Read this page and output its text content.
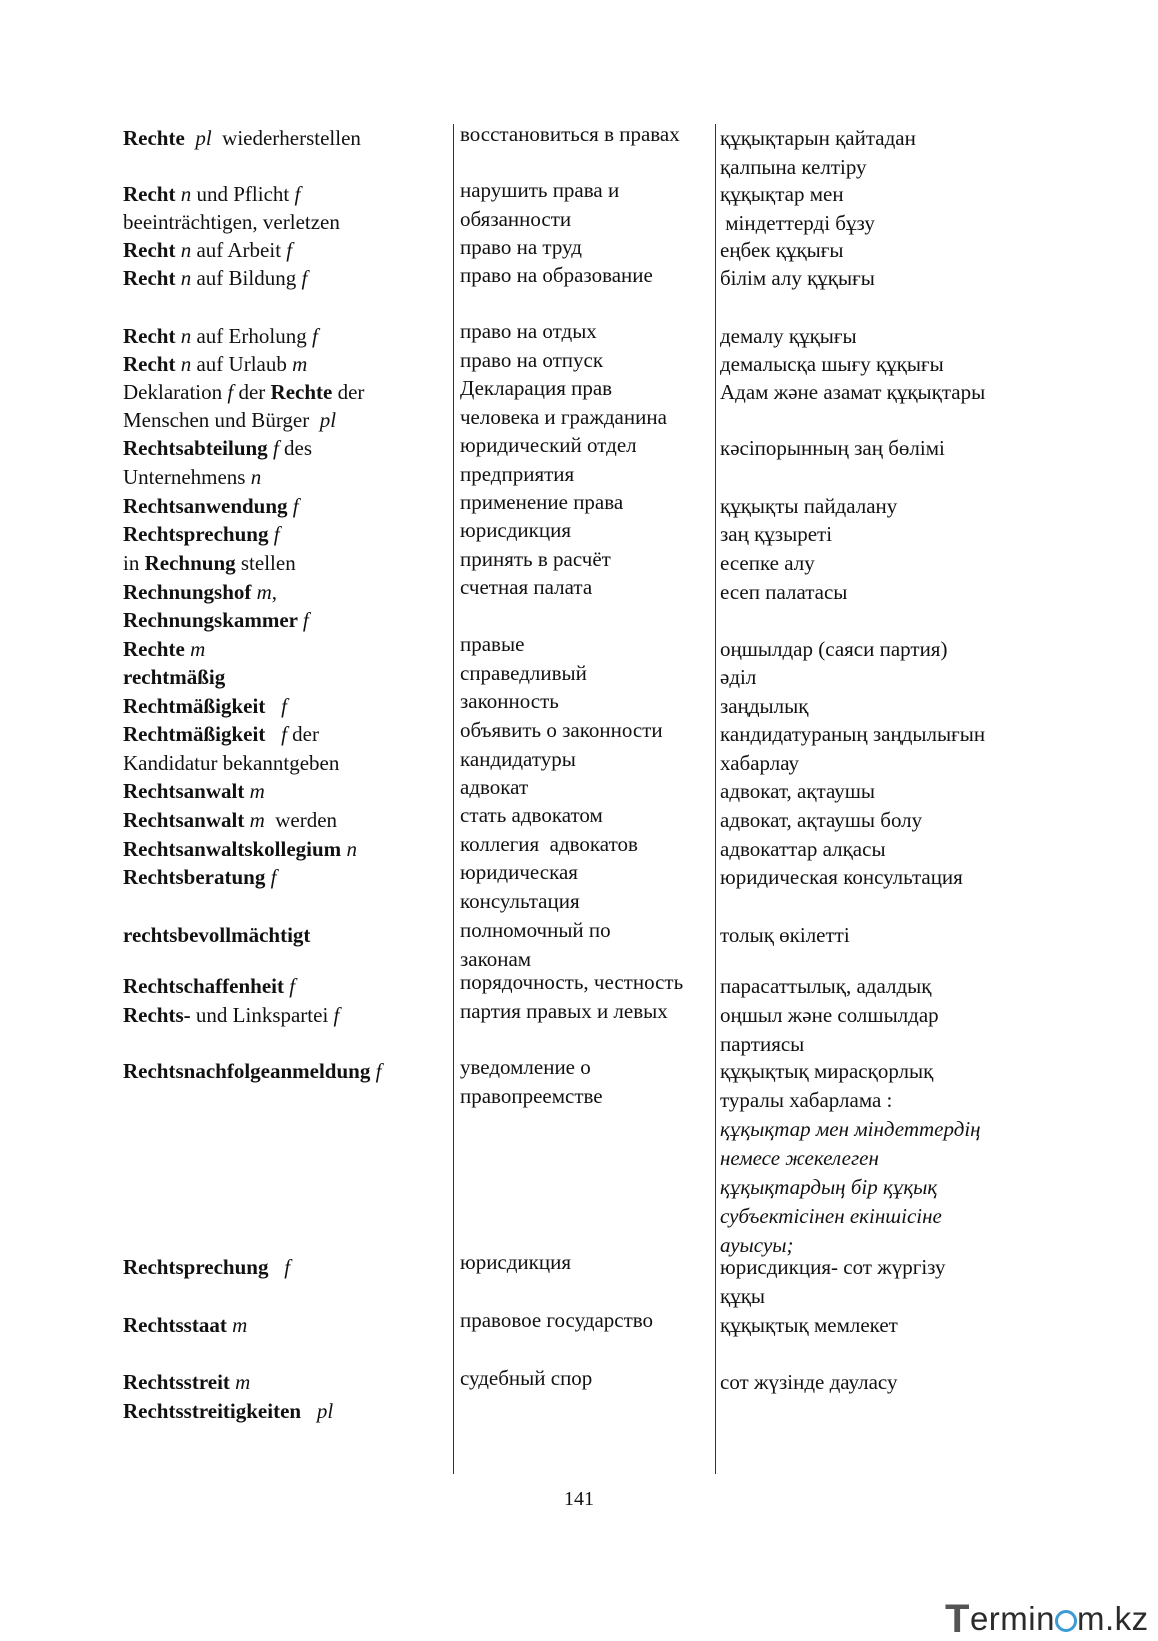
Rechte pl  wiederherstellen
Recht n und Pflicht f
beeinträchtigen, verletzen
Recht n auf Arbeit f
Recht n auf Bildung f
Recht n auf Erholung f
Recht n auf Urlaub m
Deklaration f der Rechte der
Menschen und Bürger  pl
Rechtsabteilung f des
Unternehmens n
Rechtsanwendung f
Rechtsprechung f
in Rechnung stellen
Rechnungshof m,
Rechnungskammer f
Rechte m
rechtmäßig
Rechtmäßigkeit   f
Rechtmäßigkeit   f der
Kandidatur bekanntgeben
Rechtsanwalt m
Rechtsanwalt m  werden
Rechtsanwaltskollegium n
Rechtsberatung f
rechtsbevollmächtigt
Rechtschaffenheit f
Rechts- und Linkspartei f
Rechtsnachfolgeanmeldung f
Rechtsprechung   f
Rechtsstaat m
Rechtsstreit m
Rechtsstreitigkeiten   pl
восстановиться в правах
нарушить права и
обязанности
право на труд
право на образование
право на отдых
право на отпуск
Декларация прав
человека и гражданина
юридический отдел
предприятия
применение права
юрисдикция
принять в расчёт
счетная палата
правые
справедливый
законность
объявить о законности
кандидатуры
адвокат
стать адвокатом
коллегия  адвокатов
юридическая
консультация
полномочный по
законам
порядочность, честность
партия правых и левых
уведомление о
правопреемстве
юрисдикция
правовое государство
судебный спор
құқықтарын қайтадан
қалпына келтіру
құқықтар мен
міндеттерді бұзу
еңбек құқығы
білім алу құқығы
демалу құқығы
демалысқа шығу құқығы
Адам және азамат құқықтары
кәсіпорынның заң бөлімі
құқықты пайдалану
заң құзыреті
есепке алу
есеп палатасы
оңшылдар (саяси партия)
әділ
заңдылық
кандидатураның заңдылығын
хабарлау
адвокат, ақтаушы
адвокат, ақтаушы болу
адвокаттар алқасы
юридическая консультация
толық өкілетті
парасаттылық, адалдық
оңшыл және солшылдар
партиясы
құқықтық мирасқорлық
туралы хабарлама :
құқықтар мен міндеттердің
немесе жекелеген
құқықтардың бір құқық
субъектісінен екіншісіне
ауысуы;
юрисдикция- сот жүргізу
құқы
құқықтық мемлекет
сот жүзінде дауласу
141
Termin m.kz
